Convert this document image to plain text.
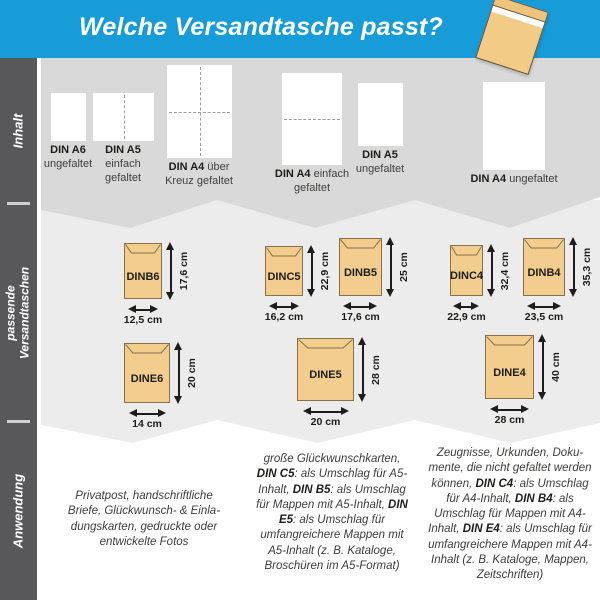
Welche Versandtasche passt?
Inhalt
passende Versandtaschen
Anwendung
DIN A6 ungefaltet
DIN A5 einfach gefaltet
DIN A4 über Kreuz gefaltet
DIN A4 einfach gefaltet
DIN A5 ungefaltet
DIN A4 ungefaltet
DIN B6 17,6 cm
12,5 cm
DIN C5 22,9 cm
16,2 cm
DIN B5 25 cm
17,6 cm
DIN C4 32,4 cm
22,9 cm
DIN B4 35,3 cm
23,5 cm
DIN E6 20 cm
14 cm
DIN E5	28 cm
20 cm
DIN E4 40 cm
28 cm
Privatpost, handschriftliche Briefe, Glückwunsch- & Einladungskarten, gedruckte oder entwickelte Fotos
große Glückwunschkarten, DIN C5: als Umschlag für A5-Inhalt, DIN B5: als Umschlag für Mappen mit A5-Inhalt, DIN E5: als Umschlag für umfangreichere Mappen mit A5-Inhalt (z. B. Kataloge, Broschüren im A5-Format)
Zeugnisse, Urkunden, Dokumente, die nicht gefaltet werden können, DIN C4: als Umschlag für A4-Inhalt, DIN B4: als Umschlag für Mappen mit A4-Inhalt, DIN E4: als Umschlag für umfangreichere Mappen mit A4-Inhalt (z. B. Kataloge, Mappen, Zeitschriften)
